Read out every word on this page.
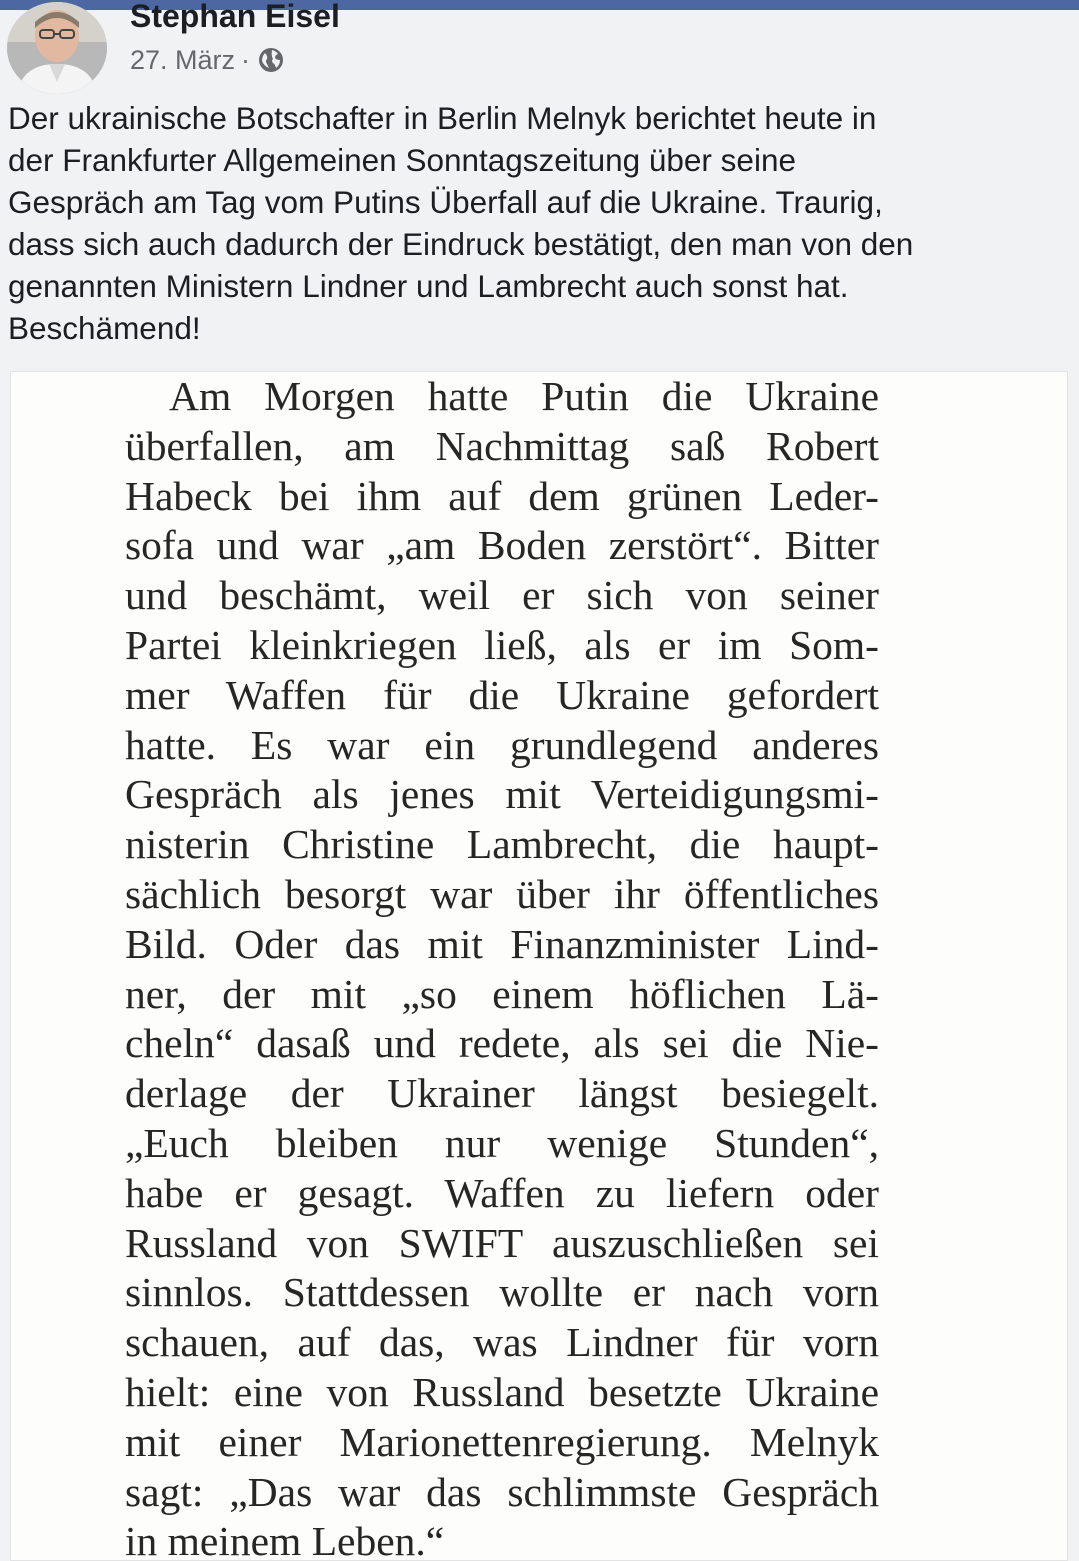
Stephan Eisel
27. März ·
Der ukrainische Botschafter in Berlin Melnyk berichtet heute in
der Frankfurter Allgemeinen Sonntagszeitung über seine
Gespräch am Tag vom Putins Überfall auf die Ukraine. Traurig,
dass sich auch dadurch der Eindruck bestätigt, den man von den
genannten Ministern Lindner und Lambrecht auch sonst hat.
Beschämend!
Am Morgen hatte Putin die Ukraine
überfallen, am Nachmittag saß Robert
Habeck bei ihm auf dem grünen Leder-
sofa und war „am Boden zerstört“. Bitter
und beschämt, weil er sich von seiner
Partei kleinkriegen ließ, als er im Som-
mer Waffen für die Ukraine gefordert
hatte. Es war ein grundlegend anderes
Gespräch als jenes mit Verteidigungsmi-
nisterin Christine Lambrecht, die haupt-
sächlich besorgt war über ihr öffentliches
Bild. Oder das mit Finanzminister Lind-
ner, der mit „so einem höflichen Lä-
cheln“ dasaß und redete, als sei die Nie-
derlage der Ukrainer längst besiegelt.
„Euch bleiben nur wenige Stunden“,
habe er gesagt. Waffen zu liefern oder
Russland von SWIFT auszuschließen sei
sinnlos. Stattdessen wollte er nach vorn
schauen, auf das, was Lindner für vorn
hielt: eine von Russland besetzte Ukraine
mit einer Marionettenregierung. Melnyk
sagt: „Das war das schlimmste Gespräch
in meinem Leben.“
